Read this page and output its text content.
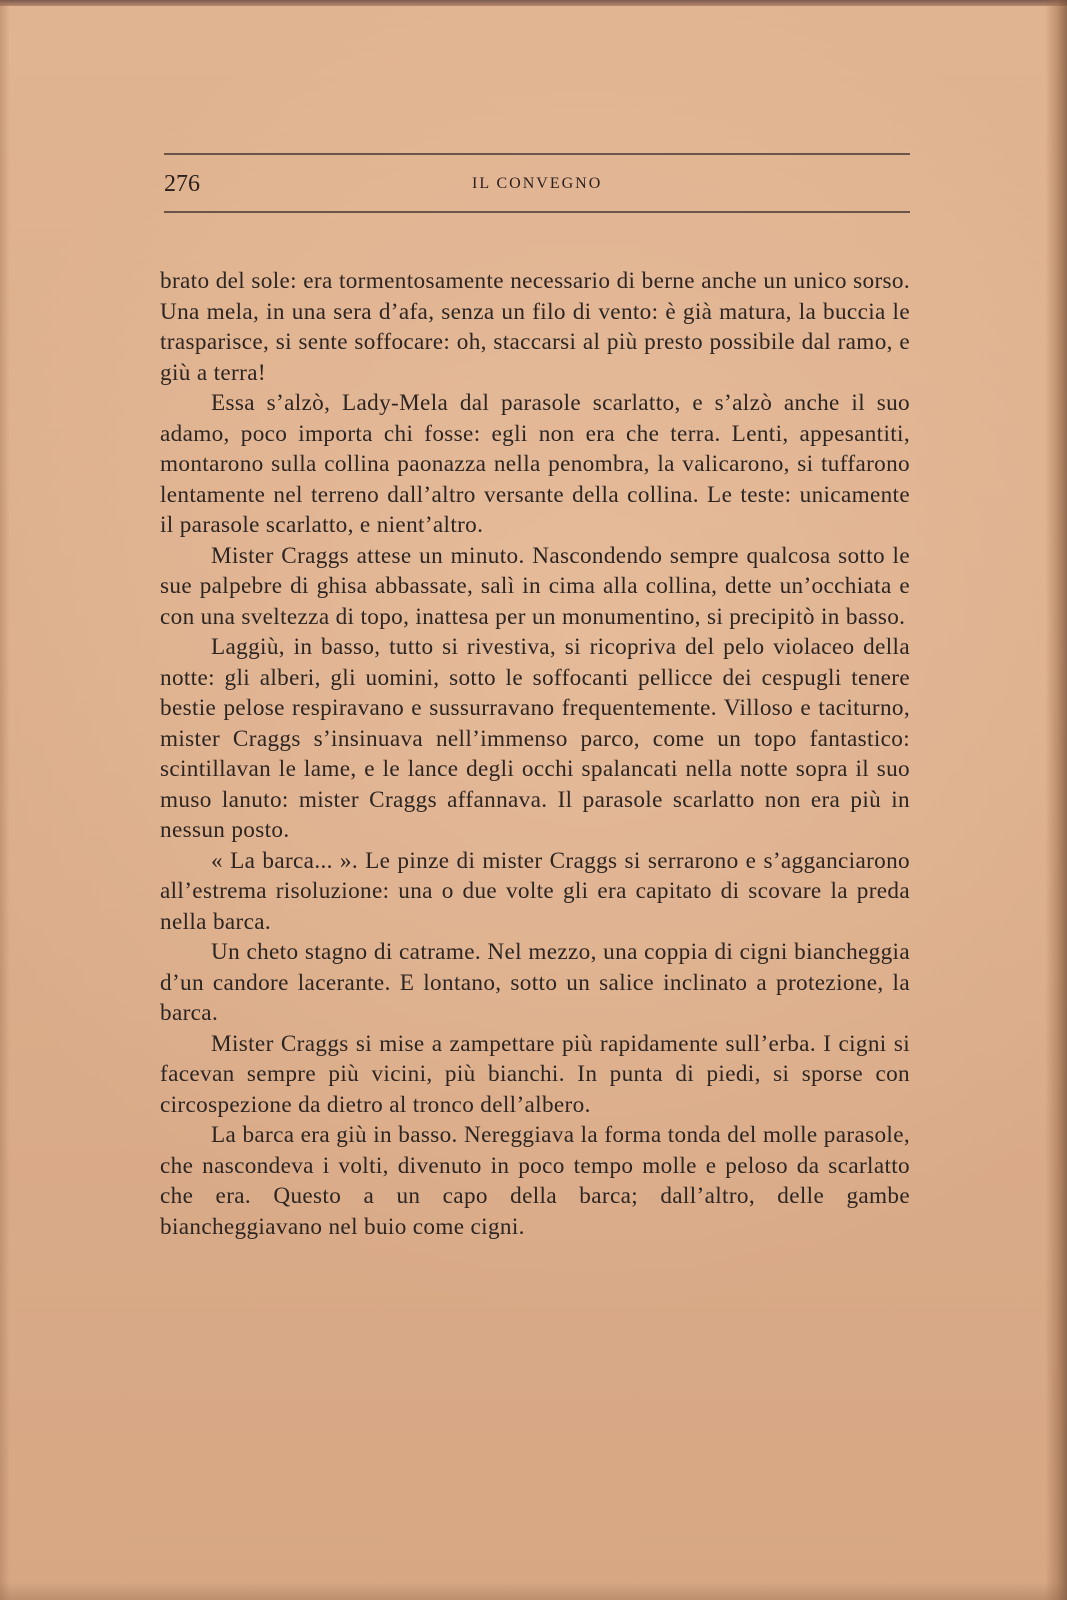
276	IL CONVEGNO

brato del sole: era tormentosamente necessario di berne anche un unico sorso. Una mela, in una sera d’afa, senza un filo di vento: è già matura, la buccia le trasparisce, si sente soffocare: oh, staccarsi al più presto possibile dal ramo, e giù a terra!

Essa s’alzò, Lady-Mela dal parasole scarlatto, e s’alzò anche il suo adamo, poco importa chi fosse: egli non era che terra. Lenti, appesantiti, montarono sulla collina paonazza nella penombra, la valicarono, si tuffarono lentamente nel terreno dall’altro versante della collina. Le teste: unicamente il parasole scarlatto, e nient’altro.

Mister Craggs attese un minuto. Nascondendo sempre qualcosa sotto le sue palpebre di ghisa abbassate, salì in cima alla collina, dette un’occhiata e con una sveltezza di topo, inattesa per un monumentino, si precipitò in basso.

Laggiù, in basso, tutto si rivestiva, si ricopriva del pelo violaceo della notte: gli alberi, gli uomini, sotto le soffocanti pellicce dei cespugli tenere bestie pelose respiravano e sussurravano frequentemente. Villoso e taciturno, mister Craggs s’insinuava nell’immenso parco, come un topo fantastico: scintillavan le lame, e le lance degli occhi spalancati nella notte sopra il suo muso lanuto: mister Craggs affannava. Il parasole scarlatto non era più in nessun posto.

« La barca... ». Le pinze di mister Craggs si serrarono e s’agganciarono all’estrema risoluzione: una o due volte gli era capitato di scovare la preda nella barca.

Un cheto stagno di catrame. Nel mezzo, una coppia di cigni biancheggia d’un candore lacerante. E lontano, sotto un salice inclinato a protezione, la barca.

Mister Craggs si mise a zampettare più rapidamente sull’erba. I cigni si facevan sempre più vicini, più bianchi. In punta di piedi, si sporse con circospezione da dietro al tronco dell’albero.

La barca era giù in basso. Nereggiava la forma tonda del molle parasole, che nascondeva i volti, divenuto in poco tempo molle e peloso da scarlatto che era. Questo a un capo della barca; dall’altro, delle gambe biancheggiavano nel buio come cigni.
